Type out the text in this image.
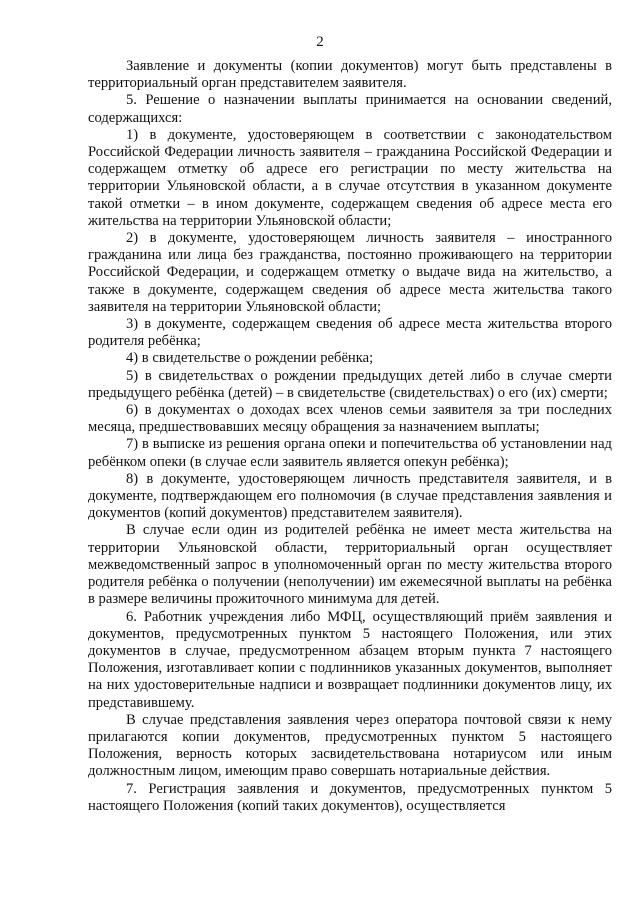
2

Заявление и документы (копии документов) могут быть представлены в территориальный орган представителем заявителя.

5. Решение о назначении выплаты принимается на основании сведений, содержащихся:

1) в документе, удостоверяющем в соответствии с законодательством Российской Федерации личность заявителя – гражданина Российской Федерации и содержащем отметку об адресе его регистрации по месту жительства на территории Ульяновской области, а в случае отсутствия в указанном документе такой отметки – в ином документе, содержащем сведения об адресе места его жительства на территории Ульяновской области;

2) в документе, удостоверяющем личность заявителя – иностранного гражданина или лица без гражданства, постоянно проживающего на территории Российской Федерации, и содержащем отметку о выдаче вида на жительство, а также в документе, содержащем сведения об адресе места жительства такого заявителя на территории Ульяновской области;

3) в документе, содержащем сведения об адресе места жительства второго родителя ребёнка;

4) в свидетельстве о рождении ребёнка;

5) в свидетельствах о рождении предыдущих детей либо в случае смерти предыдущего ребёнка (детей) – в свидетельстве (свидетельствах) о его (их) смерти;

6) в документах о доходах всех членов семьи заявителя за три последних месяца, предшествовавших месяцу обращения за назначением выплаты;

7) в выписке из решения органа опеки и попечительства об установлении над ребёнком опеки (в случае если заявитель является опекун ребёнка);

8) в документе, удостоверяющем личность представителя заявителя, и в документе, подтверждающем его полномочия (в случае представления заявления и документов (копий документов) представителем заявителя).

В случае если один из родителей ребёнка не имеет места жительства на территории Ульяновской области, территориальный орган осуществляет межведомственный запрос в уполномоченный орган по месту жительства второго родителя ребёнка о получении (неполучении) им ежемесячной выплаты на ребёнка в размере величины прожиточного минимума для детей.

6. Работник учреждения либо МФЦ, осуществляющий приём заявления и документов, предусмотренных пунктом 5 настоящего Положения, или этих документов в случае, предусмотренном абзацем вторым пункта 7 настоящего Положения, изготавливает копии с подлинников указанных документов, выполняет на них удостоверительные надписи и возвращает подлинники документов лицу, их представившему.

В случае представления заявления через оператора почтовой связи к нему прилагаются копии документов, предусмотренных пунктом 5 настоящего Положения, верность которых засвидетельствована нотариусом или иным должностным лицом, имеющим право совершать нотариальные действия.

7. Регистрация заявления и документов, предусмотренных пунктом 5 настоящего Положения (копий таких документов), осуществляется
